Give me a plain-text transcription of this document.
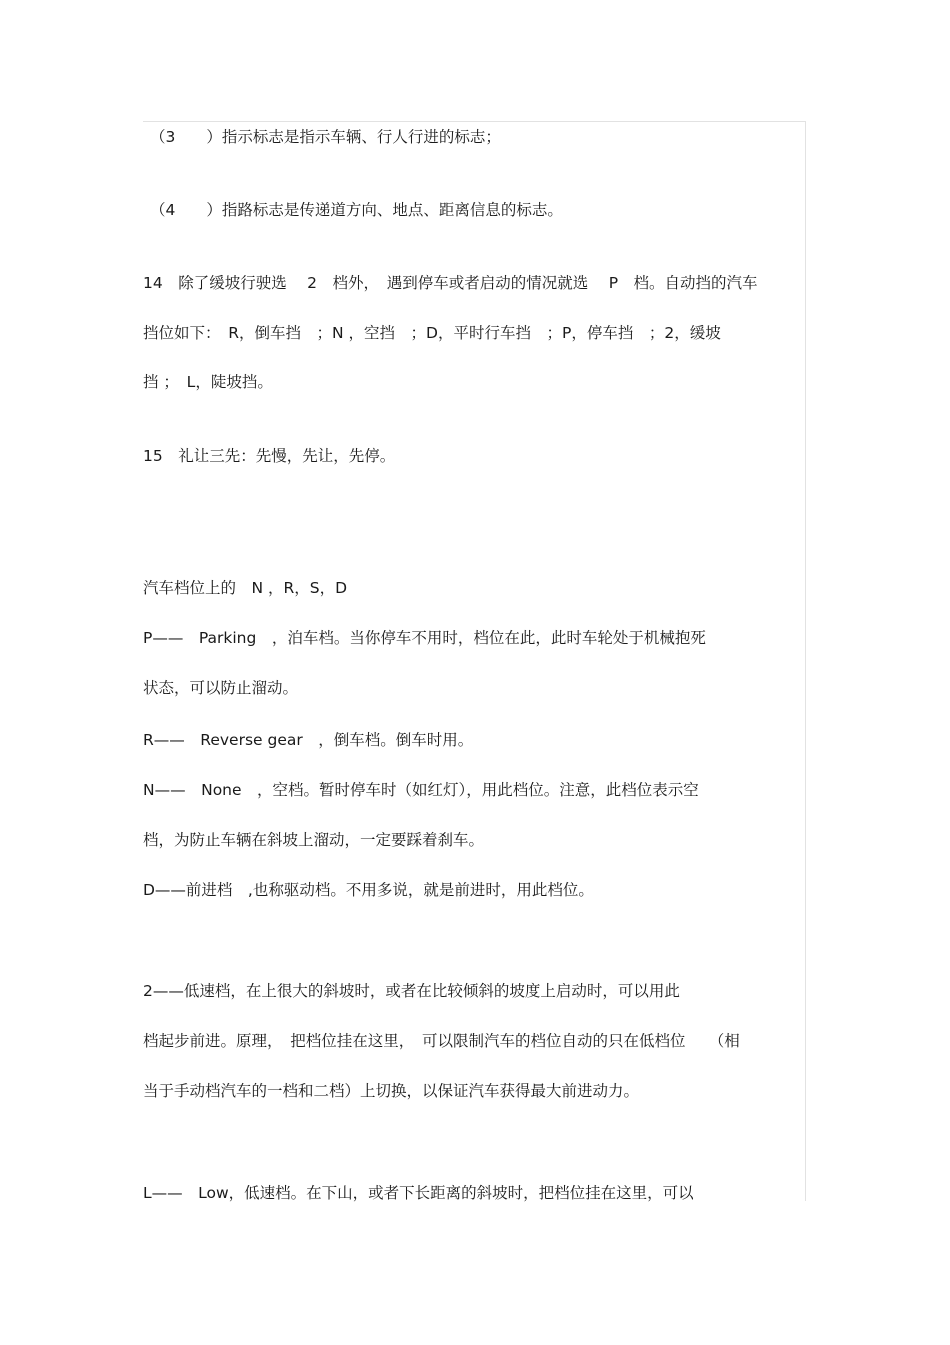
（3　　）指示标志是指示车辆、行人行进的标志；

（4　　）指路标志是传递道方向、地点、距离信息的标志。

14　除了缓坡行驶选　 2　档外，　遇到停车或者启动的情况就选　 P　档。自动挡的汽车

挡位如下：　R，倒车挡　；N ，空挡　；D，平时行车挡　；P，停车挡　；2，缓坡

挡 ；　L，陡坡挡。

15　礼让三先：先慢，先让，先停。

汽车档位上的　N ，R，S，D

P——　Parking　，泊车档。当你停车不用时，档位在此，此时车轮处于机械抱死

状态，可以防止溜动。

R——　Reverse gear　，倒车档。倒车时用。

N——　None　，空档。暂时停车时（如红灯），用此档位。注意，此档位表示空

档，为防止车辆在斜坡上溜动，一定要踩着刹车。

D——前进档　,也称驱动档。不用多说，就是前进时，用此档位。

2——低速档，在上很大的斜坡时，或者在比较倾斜的坡度上启动时，可以用此

档起步前进。原理，　把档位挂在这里，　可以限制汽车的档位自动的只在低档位　　（相

当于手动档汽车的一档和二档）上切换，以保证汽车获得最大前进动力。

L——　Low，低速档。在下山，或者下长距离的斜坡时，把档位挂在这里，可以
